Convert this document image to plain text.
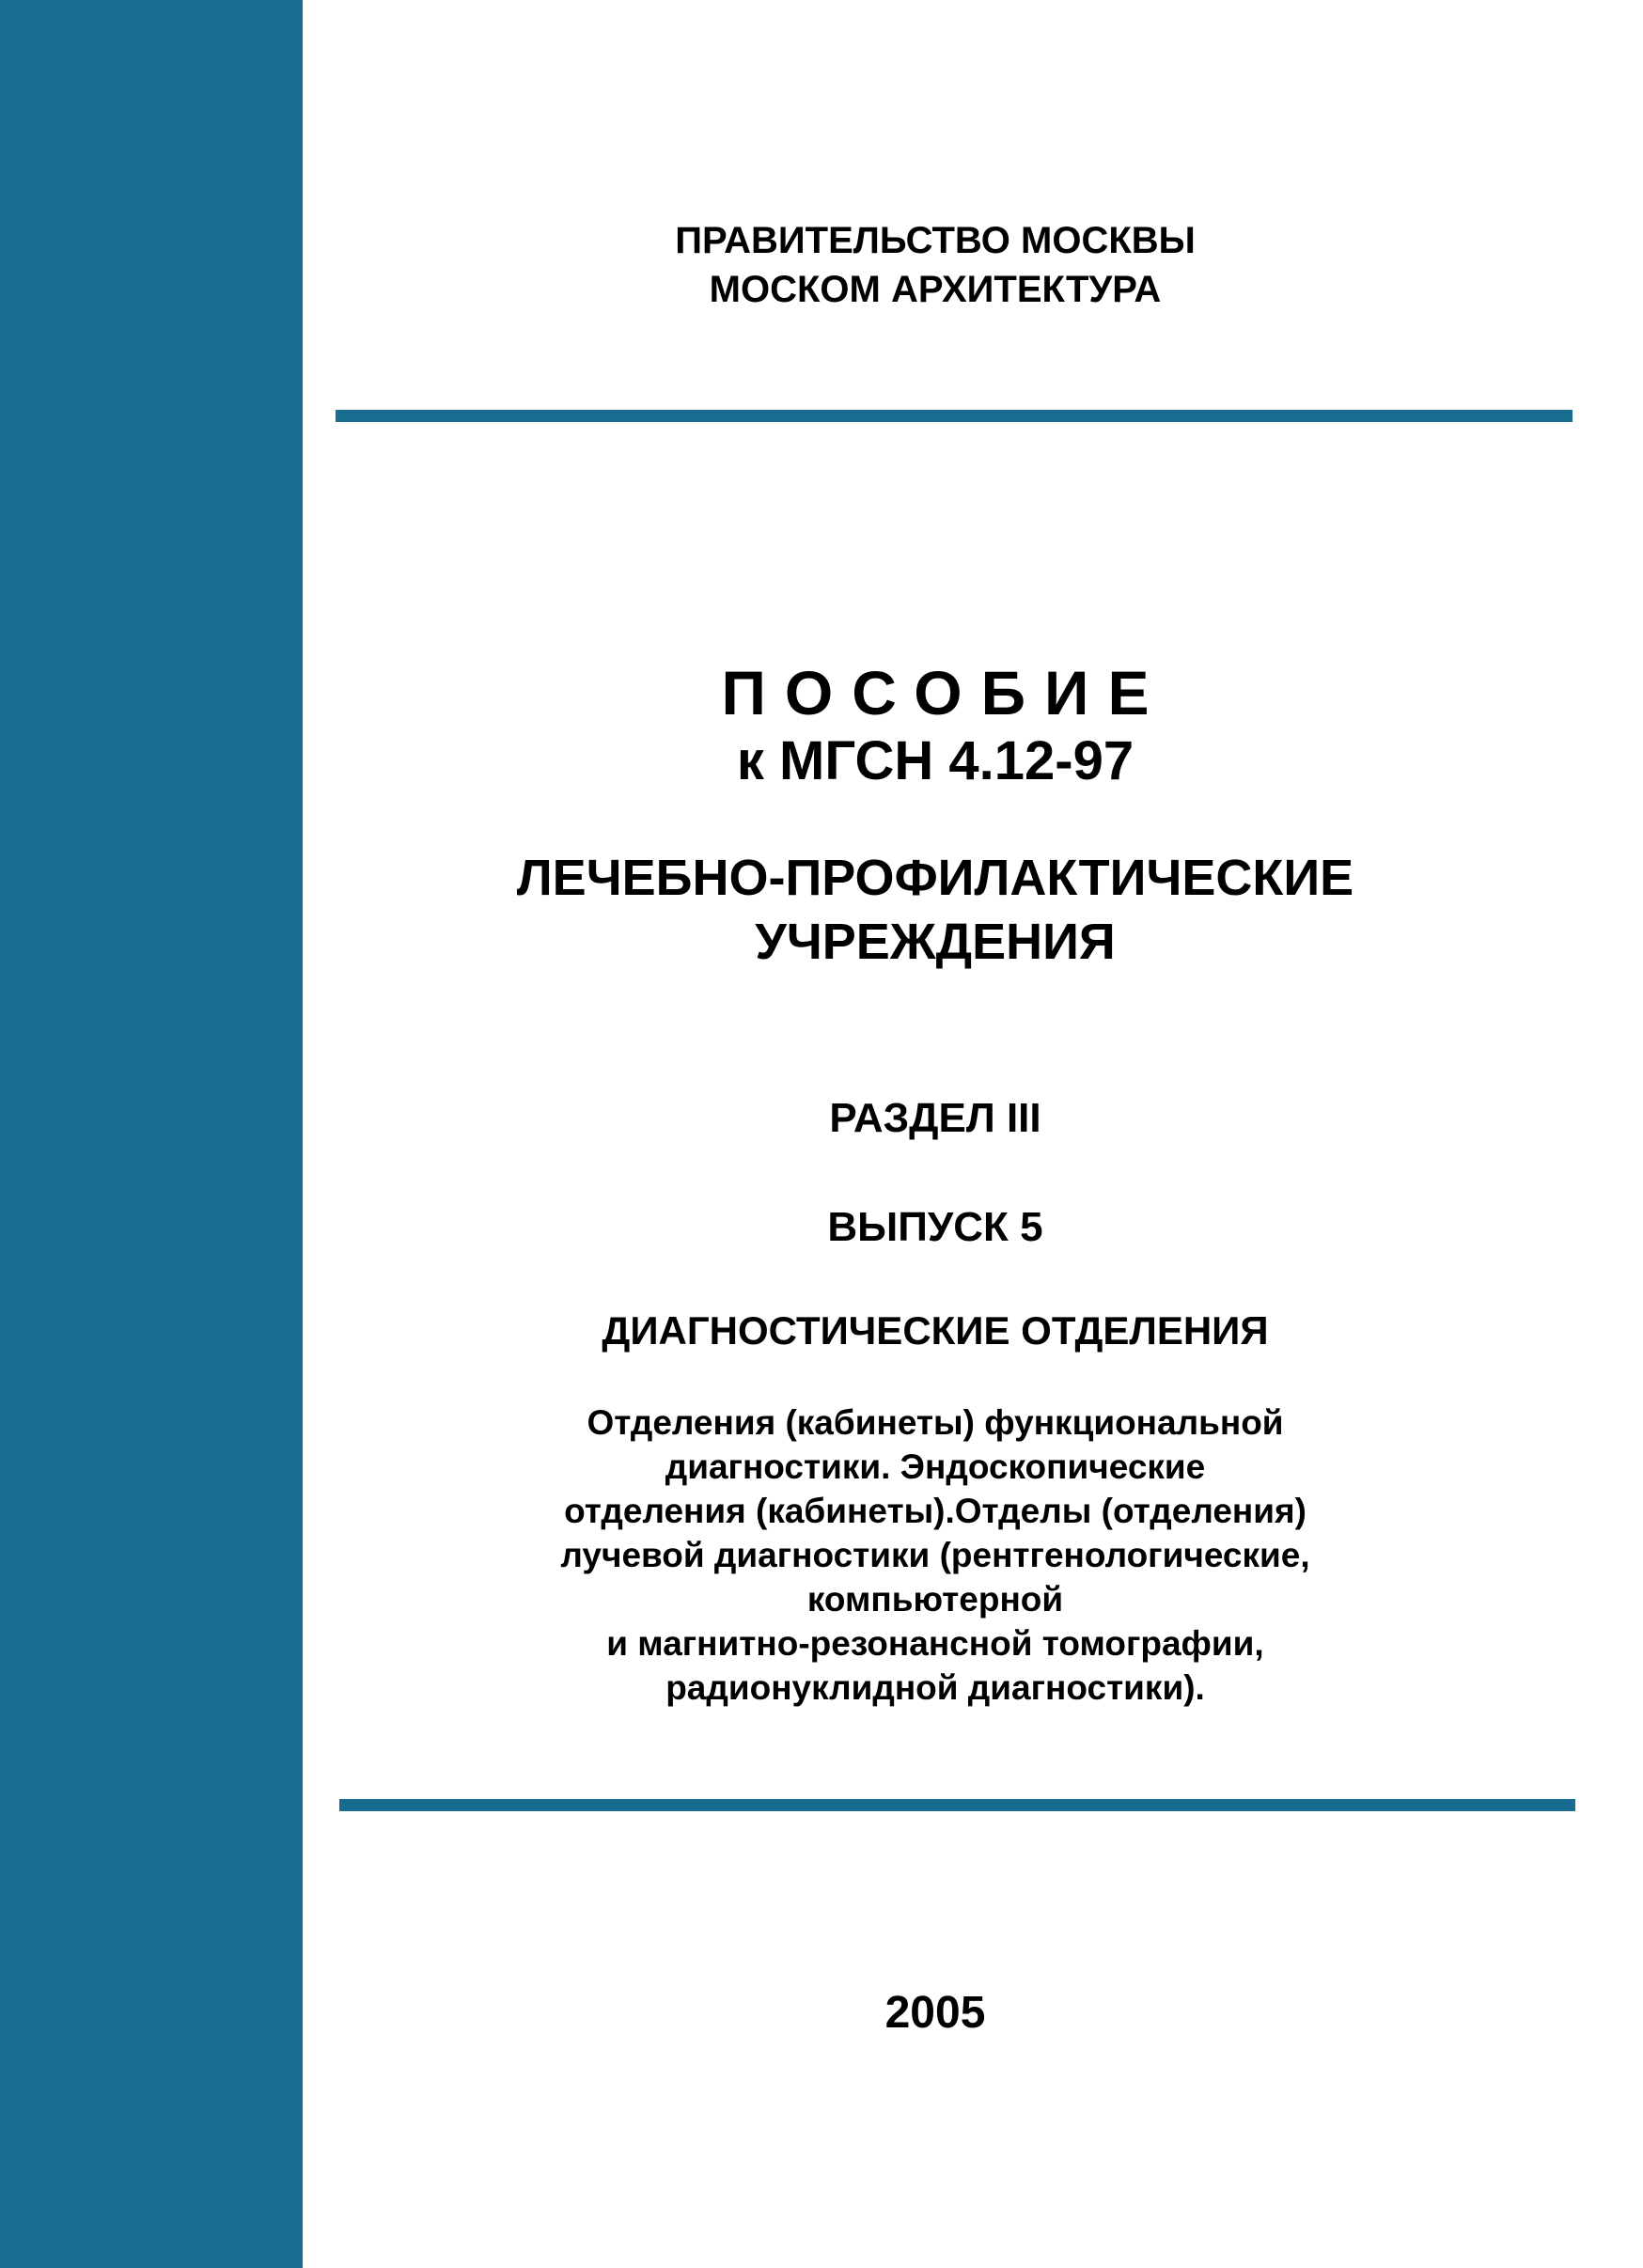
ПРАВИТЕЛЬСТВО МОСКВЫ
МОСКОМ АРХИТЕКТУРА
ПОСОБИЕ
к МГСН 4.12-97
ЛЕЧЕБНО-ПРОФИЛАКТИЧЕСКИЕ
УЧРЕЖДЕНИЯ
РАЗДЕЛ III
ВЫПУСК 5
ДИАГНОСТИЧЕСКИЕ ОТДЕЛЕНИЯ
Отделения (кабинеты) функциональной
диагностики. Эндоскопические
отделения (кабинеты).Отделы (отделения)
лучевой диагностики (рентгенологические,
компьютерной
и магнитно-резонансной томографии,
радионуклидной диагностики).
2005
